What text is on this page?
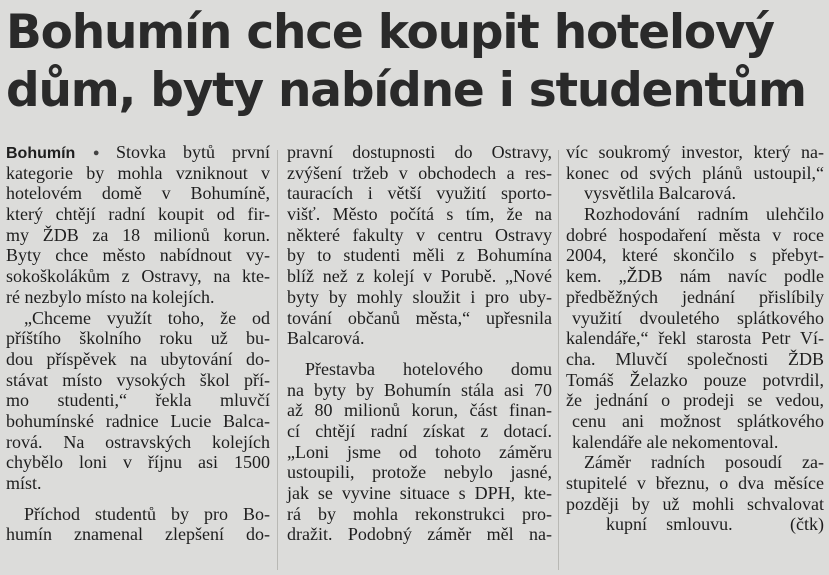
Bohumín chce koupit hotelový
dům, byty nabídne i studentům
Bohumín ● Stovka bytů první
kategorie by mohla vzniknout v
hotelovém domě v Bohumíně,
který chtějí radní koupit od fir-
my ŽDB za 18 milionů korun.
Byty chce město nabídnout vy-
sokoškolákům z Ostravy, na kte-
ré nezbylo místo na kolejích.
„Chceme využít toho, že od
příštího školního roku už bu-
dou příspěvek na ubytování do-
stávat místo vysokých škol pří-
mo studenti,“ řekla mluvčí
bohumínské radnice Lucie Balca-
rová. Na ostravských kolejích
chybělo loni v říjnu asi 1500
míst.
Příchod studentů by pro Bo-
humín znamenal zlepšení do-
pravní dostupnosti do Ostravy,
zvýšení tržeb v obchodech a res-
tauracích i větší využití sporto-
višť. Město počítá s tím, že na
některé fakulty v centru Ostravy
by to studenti měli z Bohumína
blíž než z kolejí v Porubě. „Nové
byty by mohly sloužit i pro uby-
tování občanů města,“ upřesnila
Balcarová.
Přestavba hotelového domu
na byty by Bohumín stála asi 70
až 80 milionů korun, část finan-
cí chtějí radní získat z dotací.
„Loni jsme od tohoto záměru
ustoupili, protože nebylo jasné,
jak se vyvine situace s DPH, kte-
rá by mohla rekonstrukci pro-
dražit. Podobný záměr měl na-
víc soukromý investor, který na-
konec od svých plánů ustoupil,“
vysvětlila Balcarová.
Rozhodování radním ulehčilo
dobré hospodaření města v roce
2004, které skončilo s přebyt-
kem. „ŽDB nám navíc podle
předběžných jednání přislíbily
využití dvouletého splátkového
kalendáře,“ řekl starosta Petr Ví-
cha. Mluvčí společnosti ŽDB
Tomáš Želazko pouze potvrdil,
že jednání o prodeji se vedou,
cenu ani možnost splátkového
kalendáře ale nekomentoval.
Záměr radních posoudí za-
stupitelé v březnu, o dva měsíce
později by už mohli schvalovat
kupní smlouvu.   (čtk)
